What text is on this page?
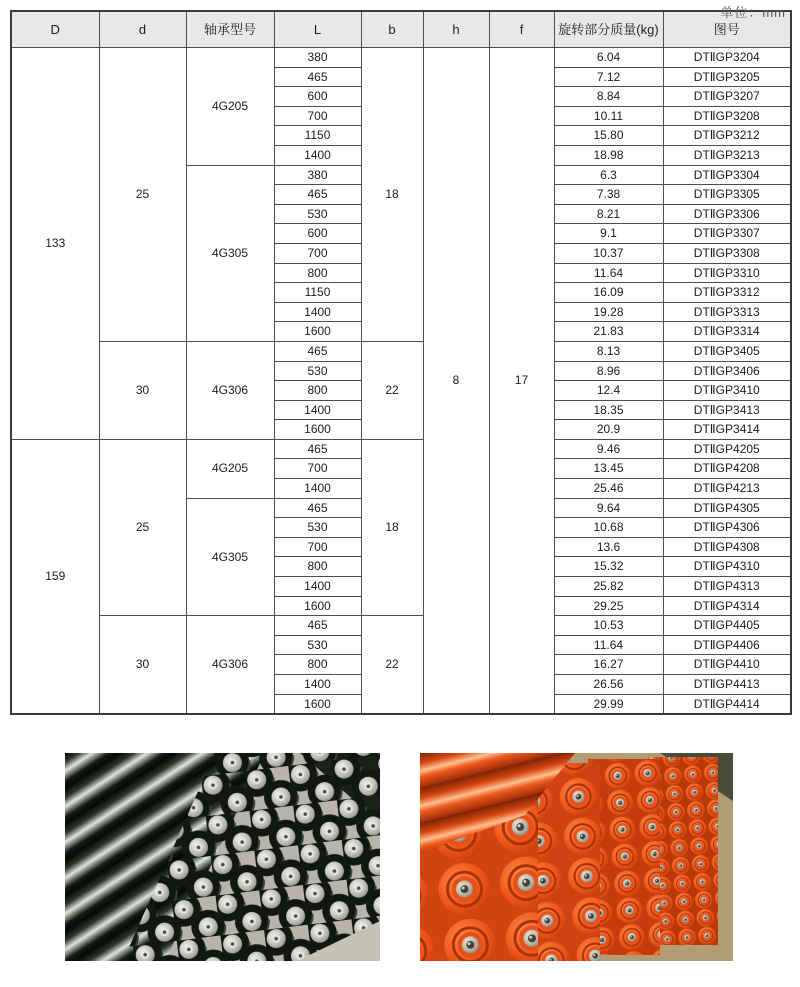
单位：mm
D	d	轴承型号	L	b	h	f	旋转部分质量(kg)	图号
133	25	4G205	380	18	8	17	6.04	DTⅡGP3204
			465				7.12	DTⅡGP3205
			600				8.84	DTⅡGP3207
			700				10.11	DTⅡGP3208
			1150				15.80	DTⅡGP3212
			1400				18.98	DTⅡGP3213
		4G305	380				6.3	DTⅡGP3304
			465				7.38	DTⅡGP3305
			530				8.21	DTⅡGP3306
			600				9.1	DTⅡGP3307
			700				10.37	DTⅡGP3308
			800				11.64	DTⅡGP3310
			1150				16.09	DTⅡGP3312
			1400				19.28	DTⅡGP3313
			1600				21.83	DTⅡGP3314
	30	4G306	465	22			8.13	DTⅡGP3405
			530				8.96	DTⅡGP3406
			800				12.4	DTⅡGP3410
			1400				18.35	DTⅡGP3413
			1600				20.9	DTⅡGP3414
159	25	4G205	465	18			9.46	DTⅡGP4205
			700				13.45	DTⅡGP4208
			1400				25.46	DTⅡGP4213
		4G305	465				9.64	DTⅡGP4305
			530				10.68	DTⅡGP4306
			700				13.6	DTⅡGP4308
			800				15.32	DTⅡGP4310
			1400				25.82	DTⅡGP4313
			1600				29.25	DTⅡGP4314
	30	4G306	465	22			10.53	DTⅡGP4405
			530				11.64	DTⅡGP4406
			800				16.27	DTⅡGP4410
			1400				26.56	DTⅡGP4413
			1600				29.99	DTⅡGP4414
